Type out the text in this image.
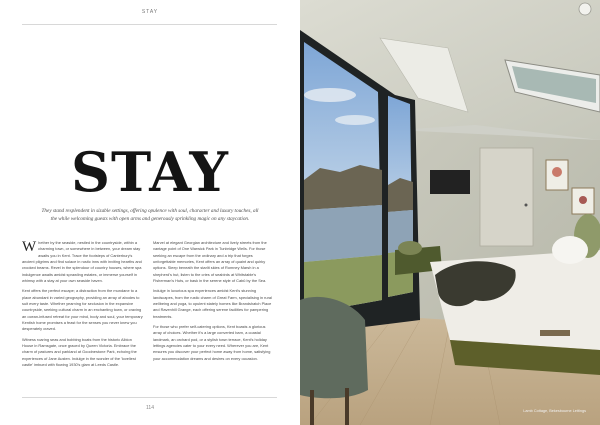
STAY
STAY

They stand resplendent in sizable settings, offering opulence with soul, character and luxury touches, all the while welcoming guests with open arms and generously sprinkling magic on any staycation.

Whether by the seaside, nestled in the countryside, within a charming town, or somewhere in between, your dream stay awaits you in Kent. Trace the footsteps of Canterbury's ancient pilgrims and find solace in rustic inns with inviting hearths and crooked beams. Revel in the splendour of country houses, where spa indulgence awaits amidst sprawling estates, or immerse yourself in whimsy with a stay at your own seaside haven.

Kent offers the perfect escape; a distraction from the mundane to a place abundant in varied geography, providing an array of abodes to suit every taste. Whether yearning for seclusion in the expansive countryside, seeking cultural charm in an enchanting town, or craving an ocean-infused retreat for your mind, body and soul, your temporary Kentish home promises a feast for the senses you never knew you desperately craved.

Witness roaring seas and bobbing boats from the historic Albion House in Ramsgate, once graced by Queen Victoria. Embrace the charm of pastures and parkland at Goodnestone Park, echoing the experiences of Jane Austen. Indulge in the wonder of the 'loveliest castle' imbued with flowing 1930's glam at Leeds Castle.

Marvel at elegant Georgian architecture and lively streets from the vantage point of One Warwick Park in Tunbridge Wells. For those seeking an escape from the ordinary and a trip that forges unforgettable memories, Kent offers an array of quaint and quirky options. Sleep beneath the starlit skies of Romney Marsh in a shepherd's hut, listen to the cries of seabirds at Whitstable's Fisherman's Huts, or bask in the serene style of Cabū by the Sea.

Indulge in luxurious spa experiences amidst Kent's stunning landscapes, from the rustic charm of Great Farm, specialising in rural wellbeing and yoga, to opulent stately homes like Brandshatch Place and Ravenhill Grange, each offering serene facilities for pampering treatments.

For those who prefer self-catering options, Kent boasts a glorious array of choices. Whether it's a large converted barn, a coastal landmark, an orchard pod, or a stylish town terrace, Kent's holiday lettings agencies cater to your every need. Wherever you are, Kent ensures you discover your perfect home away from home, satisfying your accommodation dreams and desires on every occasion.

114	Lamb Cottage, Bekesbourne Lettings
